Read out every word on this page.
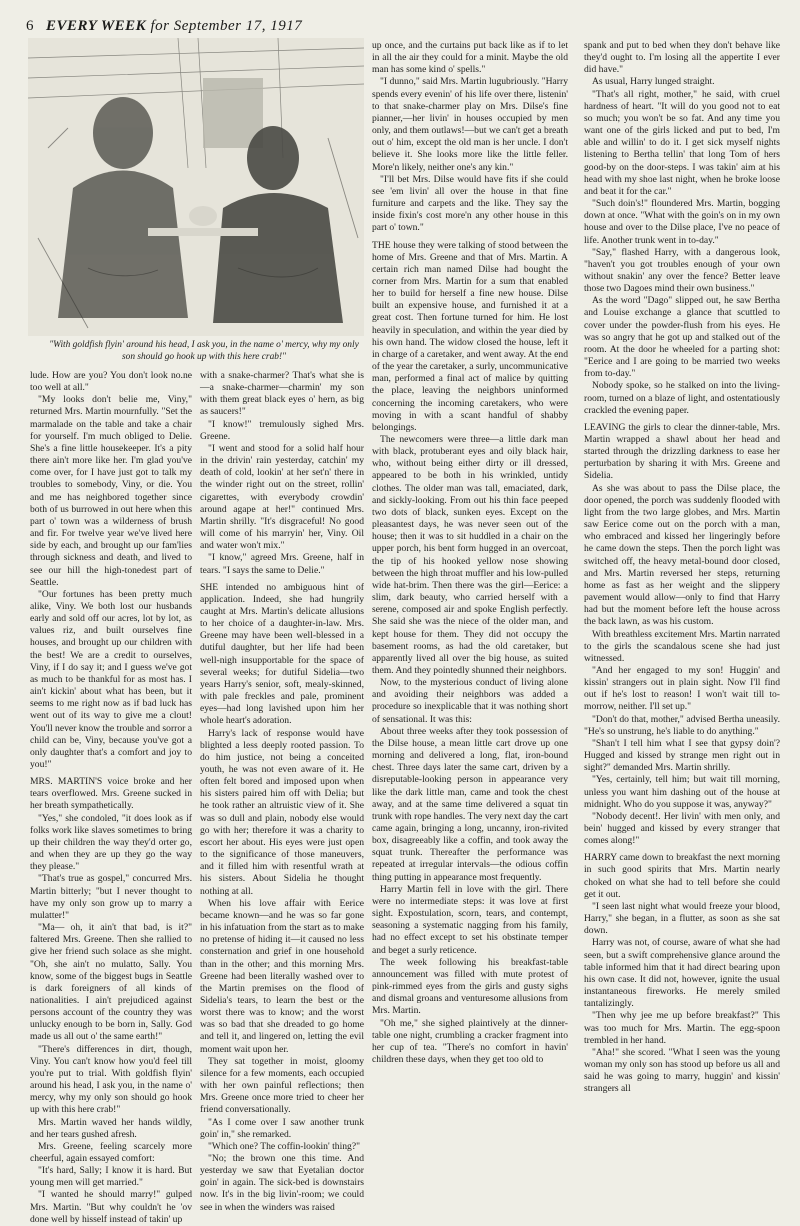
6 EVERY WEEK for September 17, 1917
"With goldfish flyin' around his head, I ask you, in the name o' mercy, why my only son should go hook up with this here crab!"

lude. How are you? You don't look no.ne too well at all."

"My looks don't belie me, Viny," returned Mrs. Martin mournfully. "Set the marmalade on the table and take a chair for yourself. I'm much obliged to Delie. She's a fine little housekeeper. It's a pity there ain't more like her. I'm glad you've come over, for I have just got to talk my troubles to somebody, Viny, or die. You and me has neighbored together since both of us burrowed in out here when this part o' town was a wilderness of brush and fir. For twelve year we've lived here side by each, and brought up our fam'lies through sickness and death, and lived to see our hill the high-tonedest part of Seattle.

"Our fortunes has been pretty much alike, Viny. We both lost our husbands early and sold off our acres, lot by lot, as values riz, and built ourselves fine houses, and brought up our children with the best! We are a credit to ourselves, Viny, if I do say it; and I guess we've got as much to be thankful for as most has. I ain't kickin' about what has been, but it seems to me right now as if bad luck has went out of its way to give me a clout! You'll never know the trouble and sorror a child can be, Viny, because you've got a only daughter that's a comfort and joy to you!"

MRS. MARTIN'S voice broke and her tears overflowed. Mrs. Greene sucked in her breath sympathetically.

"Yes," she condoled, "it does look as if folks work like slaves sometimes to bring up their children the way they'd orter go, and when they are up they go the way they please."

"That's true as gospel," concurred Mrs. Martin bitterly; "but I never thought to have my only son grow up to marry a mulatter!"

"Ma— oh, it ain't that bad, is it?" faltered Mrs. Greene. Then she rallied to give her friend such solace as she might. "Oh, she ain't no mulatto, Sally. You know, some of the biggest bugs in Seattle is dark foreigners of all kinds of nationalities. I ain't prejudiced against persons account of the country they was unlucky enough to be born in, Sally. God made us all out o' the same earth!"

"There's differences in dirt, though, Viny. You can't know how you'd feel till you're put to trial. With goldfish flyin' around his head, I ask you, in the name o' mercy, why my only son should go hook up with this here crab!"

Mrs. Martin waved her hands wildly, and her tears gushed afresh.

Mrs. Greene, feeling scarcely more cheerful, again essayed comfort:

"It's hard, Sally; I know it is hard. But young men will get married."

"I wanted he should marry!" gulped Mrs. Martin. "But why couldn't he 'ov done well by hisself instead of takin' up

with a snake-charmer? That's what she is—a snake-charmer—charmin' my son with them great black eyes o' hern, as big as saucers!"

"I know!" tremulously sighed Mrs. Greene.

"I went and stood for a solid half hour in the drivin' rain yesterday, catchin' my death of cold, lookin' at her set'n' there in the winder right out on the street, rollin' cigarettes, with everybody crowdin' around agape at her!" continued Mrs. Martin shrilly. "It's disgraceful! No good will come of his marryin' her, Viny. Oil and water won't mix."

"I know," agreed Mrs. Greene, half in tears. "I says the same to Delie."

SHE intended no ambiguous hint of application. Indeed, she had hungrily caught at Mrs. Martin's delicate allusions to her choice of a daughter-in-law. Mrs. Greene may have been well-blessed in a dutiful daughter, but her life had been well-nigh insupportable for the space of several weeks; for dutiful Sidelia—two years Harry's senior, soft, mealy-skinned, with pale freckles and pale, prominent eyes—had long lavished upon him her whole heart's adoration.

Harry's lack of response would have blighted a less deeply rooted passion. To do him justice, not being a conceited youth, he was not even aware of it. He often felt bored and imposed upon when his sisters paired him off with Delia; but he took rather an altruistic view of it. She was so dull and plain, nobody else would go with her; therefore it was a charity to escort her about. His eyes were just open to the significance of those maneuvers, and it filled him with resentful wrath at his sisters. About Sidelia he thought nothing at all.

When his love affair with Eerice became known—and he was so far gone in his infatuation from the start as to make no pretense of hiding it—it caused no less consternation and grief in one household than in the other; and this morning Mrs. Greene had been literally washed over to the Martin premises on the flood of Sidelia's tears, to learn the best or the worst there was to know; and the worst was so bad that she dreaded to go home and tell it, and lingered on, letting the evil moment wait upon her.

They sat together in moist, gloomy silence for a few moments, each occupied with her own painful reflections; then Mrs. Greene once more tried to cheer her friend conversationally.

"As I come over I saw another trunk goin' in," she remarked.

"Which one? The coffin-lookin' thing?"

"No; the brown one this time. And yesterday we saw that Eyetalian doctor goin' in again. The sick-bed is downstairs now. It's in the big livin'-room; we could see in when the winders was raised

up once, and the curtains put back like as if to let in all the air they could for a minit. Maybe the old man has some kind o' spells."

"I dunno," said Mrs. Martin lugubriously. "Harry spends every evenin' of his life over there, listenin' to that snake-charmer play on Mrs. Dilse's fine pianner,—her livin' in houses occupied by men only, and them outlaws!—but we can't get a breath out o' him, except the old man is her uncle. I don't believe it. She looks more like the little feller. More'n likely, neither one's any kin."

"I'll bet Mrs. Dilse would have fits if she could see 'em livin' all over the house in that fine furniture and carpets and the like. They say the inside fixin's cost more'n any other house in this part o' town."

THE house they were talking of stood between the home of Mrs. Greene and that of Mrs. Martin. A certain rich man named Dilse had bought the corner from Mrs. Martin for a sum that enabled her to build for herself a fine new house. Dilse built an expensive house, and furnished it at a great cost. Then fortune turned for him. He lost heavily in speculation, and within the year died by his own hand. The widow closed the house, left it in charge of a caretaker, and went away. At the end of the year the caretaker, a surly, uncommunicative man, performed a final act of malice by quitting the place, leaving the neighbors uninformed concerning the incoming caretakers, who were moving in with a scant handful of shabby belongings.

The newcomers were three—a little dark man with black, protuberant eyes and oily black hair, who, without being either dirty or ill dressed, appeared to be both in his wrinkled, untidy clothes. The older man was tall, emaciated, dark, and sickly-looking. From out his thin face peeped two dots of black, sunken eyes. Except on the pleasantest days, he was never seen out of the house; then it was to sit huddled in a chair on the upper porch, his bent form hugged in an overcoat, the tip of his hooked yellow nose showing between the high throat muffler and his low-pulled wide hat-brim. Then there was the girl—Eerice: a slim, dark beauty, who carried herself with a serene, composed air and spoke English perfectly. She said she was the niece of the older man, and kept house for them. They did not occupy the basement rooms, as had the old caretaker, but apparently lived all over the big house, as suited them. And they pointedly shunned their neighbors.

Now, to the mysterious conduct of living alone and avoiding their neighbors was added a procedure so inexplicable that it was nothing short of sensational. It was this:

About three weeks after they took possession of the Dilse house, a mean little cart drove up one morning and delivered a long, flat, iron-bound chest. Three days later the same cart, driven by a disreputable-looking person in appearance very like the dark little man, came and took the chest away, and at the same time delivered a squat tin trunk with rope handles. The very next day the cart came again, bringing a long, uncanny, iron-rivited box, disagreeably like a coffin, and took away the squat trunk. Thereafter the performance was repeated at irregular intervals—the odious coffin thing putting in appearance most frequently.

Harry Martin fell in love with the girl. There were no intermediate steps: it was love at first sight. Expostulation, scorn, tears, and contempt, seasoning a systematic nagging from his family, had no effect except to set his obstinate temper and beget a surly reticence.

The week following his breakfast-table announcement was filled with mute protest of pink-rimmed eyes from the girls and gusty sighs and dismal groans and venturesome allusions from Mrs. Martin.

"Oh me," she sighed plaintively at the dinner-table one night, crumbling a cracker fragment into her cup of tea. "There's no comfort in havin' children these days, when they get too old to

spank and put to bed when they don't behave like they'd ought to. I'm losing all the appertite I ever did have."

As usual, Harry lunged straight.

"That's all right, mother," he said, with cruel hardness of heart. "It will do you good not to eat so much; you won't be so fat. And any time you want one of the girls licked and put to bed, I'm able and willin' to do it. I get sick myself nights listening to Bertha tellin' that long Tom of hers good-by on the door-steps. I was takin' aim at his head with my shoe last night, when he broke loose and beat it for the car."

"Such doin's!" floundered Mrs. Martin, bogging down at once. "What with the goin's on in my own house and over to the Dilse place, I've no peace of life. Another trunk went in to-day."

"Say," flashed Harry, with a dangerous look, "haven't you got troubles enough of your own without snakin' any over the fence? Better leave those two Dagoes mind their own business."

As the word "Dago" slipped out, he saw Bertha and Louise exchange a glance that scuttled to cover under the powder-flush from his eyes. He was so angry that he got up and stalked out of the room. At the door he wheeled for a parting shot: "Eerice and I are going to be married two weeks from to-day."

Nobody spoke, so he stalked on into the living-room, turned on a blaze of light, and ostentatiously crackled the evening paper.

LEAVING the girls to clear the dinner-table, Mrs. Martin wrapped a shawl about her head and started through the drizzling darkness to ease her perturbation by sharing it with Mrs. Greene and Sidelia.

As she was about to pass the Dilse place, the door opened, the porch was suddenly flooded with light from the two large globes, and Mrs. Martin saw Eerice come out on the porch with a man, who embraced and kissed her lingeringly before he came down the steps. Then the porch light was switched off, the heavy metal-bound door closed, and Mrs. Martin reversed her steps, returning home as fast as her weight and the slippery pavement would allow—only to find that Harry had but the moment before left the house across the back lawn, as was his custom.

With breathless excitement Mrs. Martin narrated to the girls the scandalous scene she had just witnessed.

"And her engaged to my son! Huggin' and kissin' strangers out in plain sight. Now I'll find out if he's lost to reason! I won't wait till to-morrow, neither. I'll set up."

"Don't do that, mother," advised Bertha uneasily. "He's so unstrung, he's liable to do anything."

"Shan't I tell him what I see that gypsy doin'? Hugged and kissed by strange men right out in sight?" demanded Mrs. Martin shrilly.

"Yes, certainly, tell him; but wait till morning, unless you want him dashing out of the house at midnight. Who do you suppose it was, anyway?"

"Nobody decent!. Her livin' with men only, and bein' hugged and kissed by every stranger that comes along!"

HARRY came down to breakfast the next morning in such good spirits that Mrs. Martin nearly choked on what she had to tell before she could get it out.

"I seen last night what would freeze your blood, Harry," she began, in a flutter, as soon as she sat down.

Harry was not, of course, aware of what she had seen, but a swift comprehensive glance around the table informed him that it had direct bearing upon his own case. It did not, however, ignite the usual instantaneous fireworks. He merely smiled tantalizingly.

"Then why jee me up before breakfast?" This was too much for Mrs. Martin. The egg-spoon trembled in her hand.

"Aha!" she scored. "What I seen was the young woman my only son has stood up before us all and said he was going to marry, huggin' and kissin' strangers all
